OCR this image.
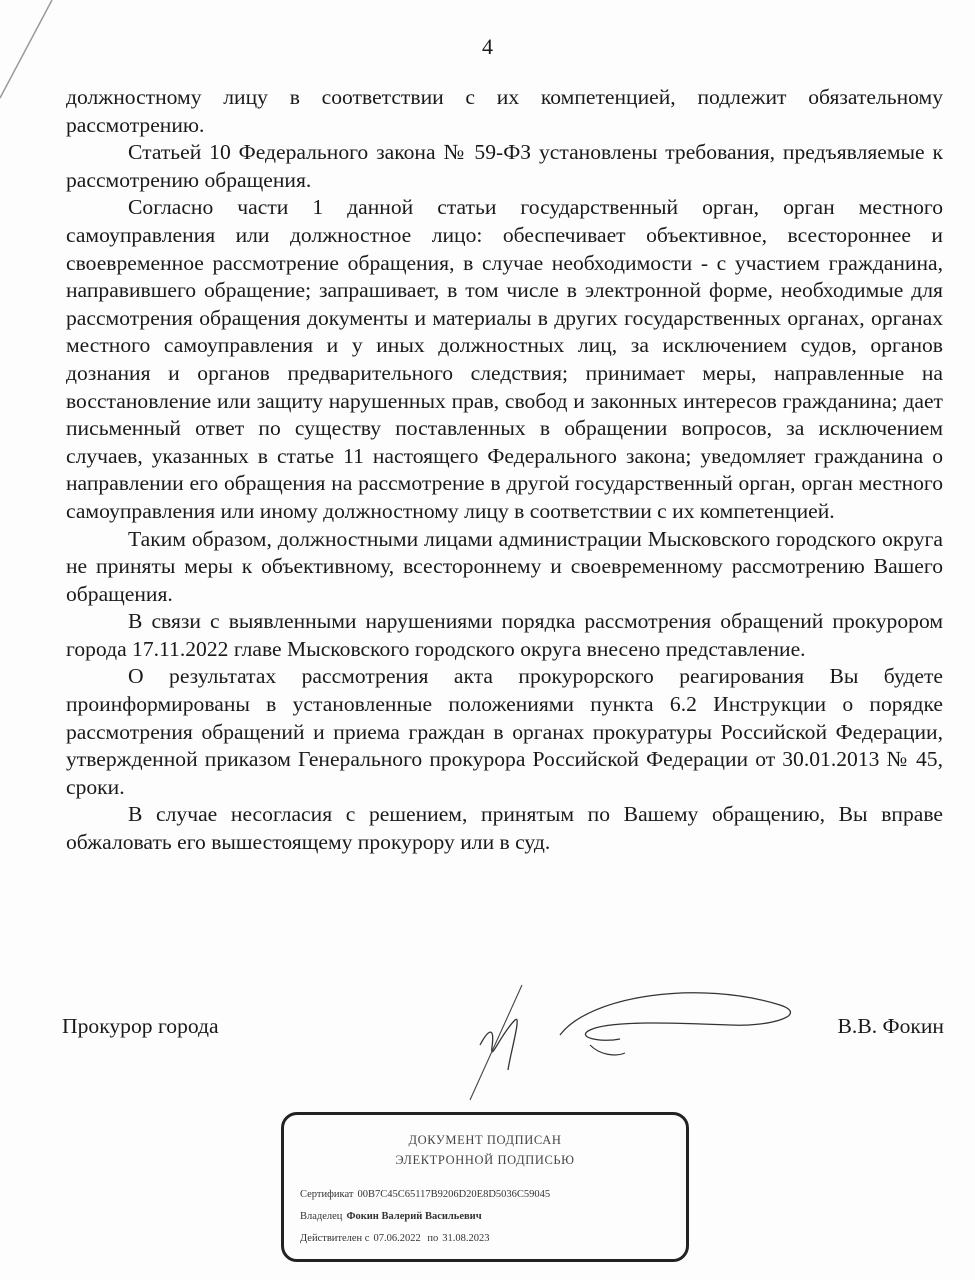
4

должностному лицу в соответствии с их компетенцией, подлежит обязательному рассмотрению.

Статьей 10 Федерального закона № 59-ФЗ установлены требования, предъявляемые к рассмотрению обращения.

Согласно части 1 данной статьи государственный орган, орган местного самоуправления или должностное лицо: обеспечивает объективное, всестороннее и своевременное рассмотрение обращения, в случае необходимости - с участием гражданина, направившего обращение; запрашивает, в том числе в электронной форме, необходимые для рассмотрения обращения документы и материалы в других государственных органах, органах местного самоуправления и у иных должностных лиц, за исключением судов, органов дознания и органов предварительного следствия; принимает меры, направленные на восстановление или защиту нарушенных прав, свобод и законных интересов гражданина; дает письменный ответ по существу поставленных в обращении вопросов, за исключением случаев, указанных в статье 11 настоящего Федерального закона; уведомляет гражданина о направлении его обращения на рассмотрение в другой государственный орган, орган местного самоуправления или иному должностному лицу в соответствии с их компетенцией.

Таким образом, должностными лицами администрации Мысковского городского округа не приняты меры к объективному, всестороннему и своевременному рассмотрению Вашего обращения.

В связи с выявленными нарушениями порядка рассмотрения обращений прокурором города 17.11.2022 главе Мысковского городского округа внесено представление.

О результатах рассмотрения акта прокурорского реагирования Вы будете проинформированы в установленные положениями пункта 6.2 Инструкции о порядке рассмотрения обращений и приема граждан в органах прокуратуры Российской Федерации, утвержденной приказом Генерального прокурора Российской Федерации от 30.01.2013 № 45, сроки.

В случае несогласия с решением, принятым по Вашему обращению, Вы вправе обжаловать его вышестоящему прокурору или в суд.

Прокурор города	В.В. Фокин
ДОКУМЕНТ ПОДПИСАН
ЭЛЕКТРОННОЙ ПОДПИСЬЮ
Сертификат 00B7C45C65117B9206D20E8D5036C59045
Владелец Фокин Валерий Васильевич
Действителен с 07.06.2022 по 31.08.2023
